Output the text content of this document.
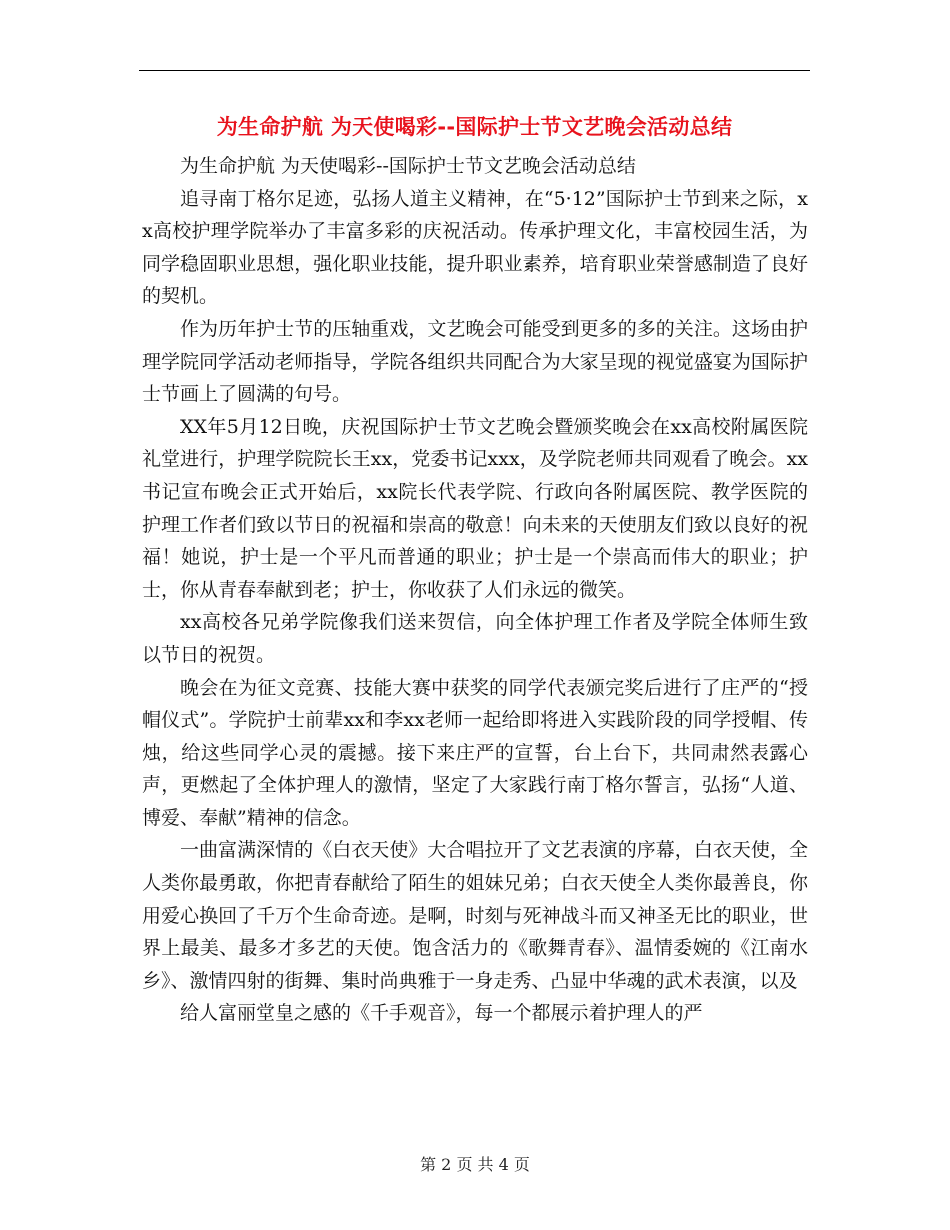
为生命护航 为天使喝彩--国际护士节文艺晚会活动总结

为生命护航 为天使喝彩--国际护士节文艺晚会活动总结

追寻南丁格尔足迹，弘扬人道主义精神，在“5·12”国际护士节到来之际，xx高校护理学院举办了丰富多彩的庆祝活动。传承护理文化，丰富校园生活，为同学稳固职业思想，强化职业技能，提升职业素养，培育职业荣誉感制造了良好的契机。

作为历年护士节的压轴重戏，文艺晚会可能受到更多的多的关注。这场由护理学院同学活动老师指导，学院各组织共同配合为大家呈现的视觉盛宴为国际护士节画上了圆满的句号。

XX年5月12日晚，庆祝国际护士节文艺晚会暨颁奖晚会在xx高校附属医院礼堂进行，护理学院院长王xx，党委书记xxx，及学院老师共同观看了晚会。xx书记宣布晚会正式开始后，xx院长代表学院、行政向各附属医院、教学医院的护理工作者们致以节日的祝福和崇高的敬意！向未来的天使朋友们致以良好的祝福！她说，护士是一个平凡而普通的职业；护士是一个崇高而伟大的职业；护士，你从青春奉献到老；护士，你收获了人们永远的微笑。

xx高校各兄弟学院像我们送来贺信，向全体护理工作者及学院全体师生致以节日的祝贺。

晚会在为征文竞赛、技能大赛中获奖的同学代表颁完奖后进行了庄严的“授帽仪式”。学院护士前辈xx和李xx老师一起给即将进入实践阶段的同学授帽、传烛，给这些同学心灵的震撼。接下来庄严的宣誓，台上台下，共同肃然表露心声，更燃起了全体护理人的激情，坚定了大家践行南丁格尔誓言，弘扬“人道、博爱、奉献”精神的信念。

一曲富满深情的《白衣天使》大合唱拉开了文艺表演的序幕，白衣天使，全人类你最勇敢，你把青春献给了陌生的姐妹兄弟；白衣天使全人类你最善良，你用爱心换回了千万个生命奇迹。是啊，时刻与死神战斗而又神圣无比的职业，世界上最美、最多才多艺的天使。饱含活力的《歌舞青春》、温情委婉的《江南水乡》、激情四射的街舞、集时尚典雅于一身走秀、凸显中华魂的武术表演，以及

给人富丽堂皇之感的《千手观音》，每一个都展示着护理人的严

第 2 页 共 4 页
